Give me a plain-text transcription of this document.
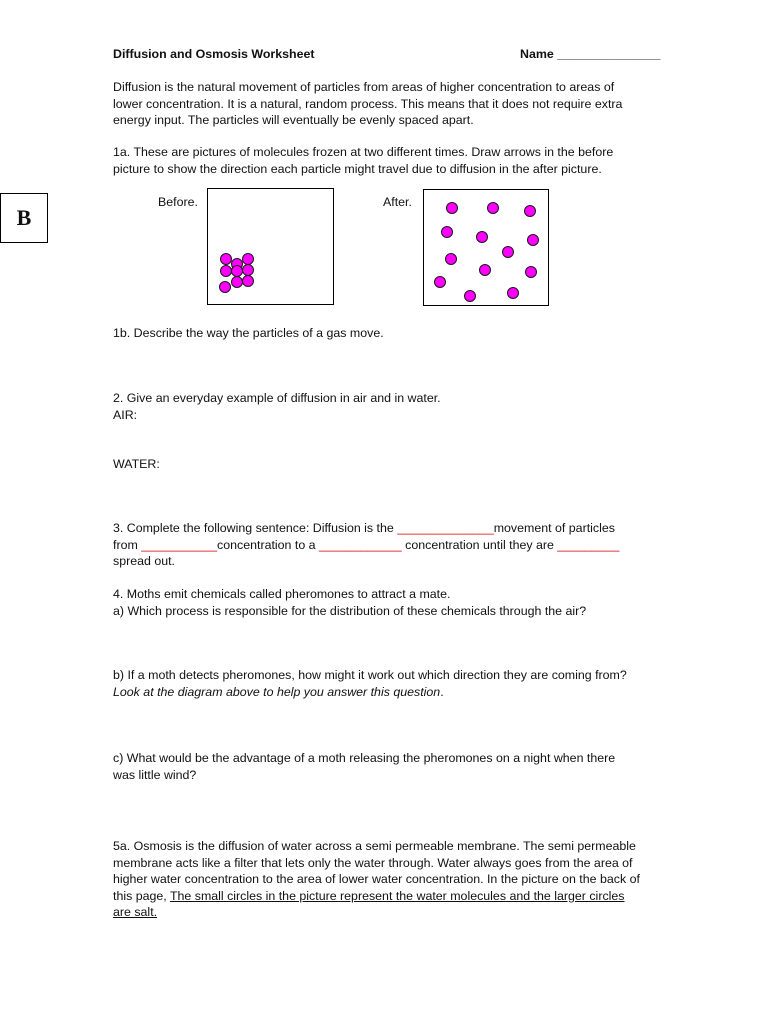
Diffusion and Osmosis Worksheet	Name _______________
B
Diffusion is the natural movement of particles from areas of higher concentration to areas of
lower concentration. It is a natural, random process. This means that it does not require extra
energy input. The particles will eventually be evenly spaced apart.
1a. These are pictures of molecules frozen at two different times. Draw arrows in the before
picture to show the direction each particle might travel due to diffusion in the after picture.
Before.	After.
1b. Describe the way the particles of a gas move.
2. Give an everyday example of diffusion in air and in water.
AIR:
WATER:
3. Complete the following sentence: Diffusion is the ______________movement of particles
from ___________concentration to a ____________ concentration until they are _________
spread out.
4. Moths emit chemicals called pheromones to attract a mate.
a) Which process is responsible for the distribution of these chemicals through the air?
b) If a moth detects pheromones, how might it work out which direction they are coming from?
Look at the diagram above to help you answer this question.
c) What would be the advantage of a moth releasing the pheromones on a night when there
was little wind?
5a. Osmosis is the diffusion of water across a semi permeable membrane. The semi permeable
membrane acts like a filter that lets only the water through. Water always goes from the area of
higher water concentration to the area of lower water concentration. In the picture on the back of
this page, The small circles in the picture represent the water molecules and the larger circles
are salt.
